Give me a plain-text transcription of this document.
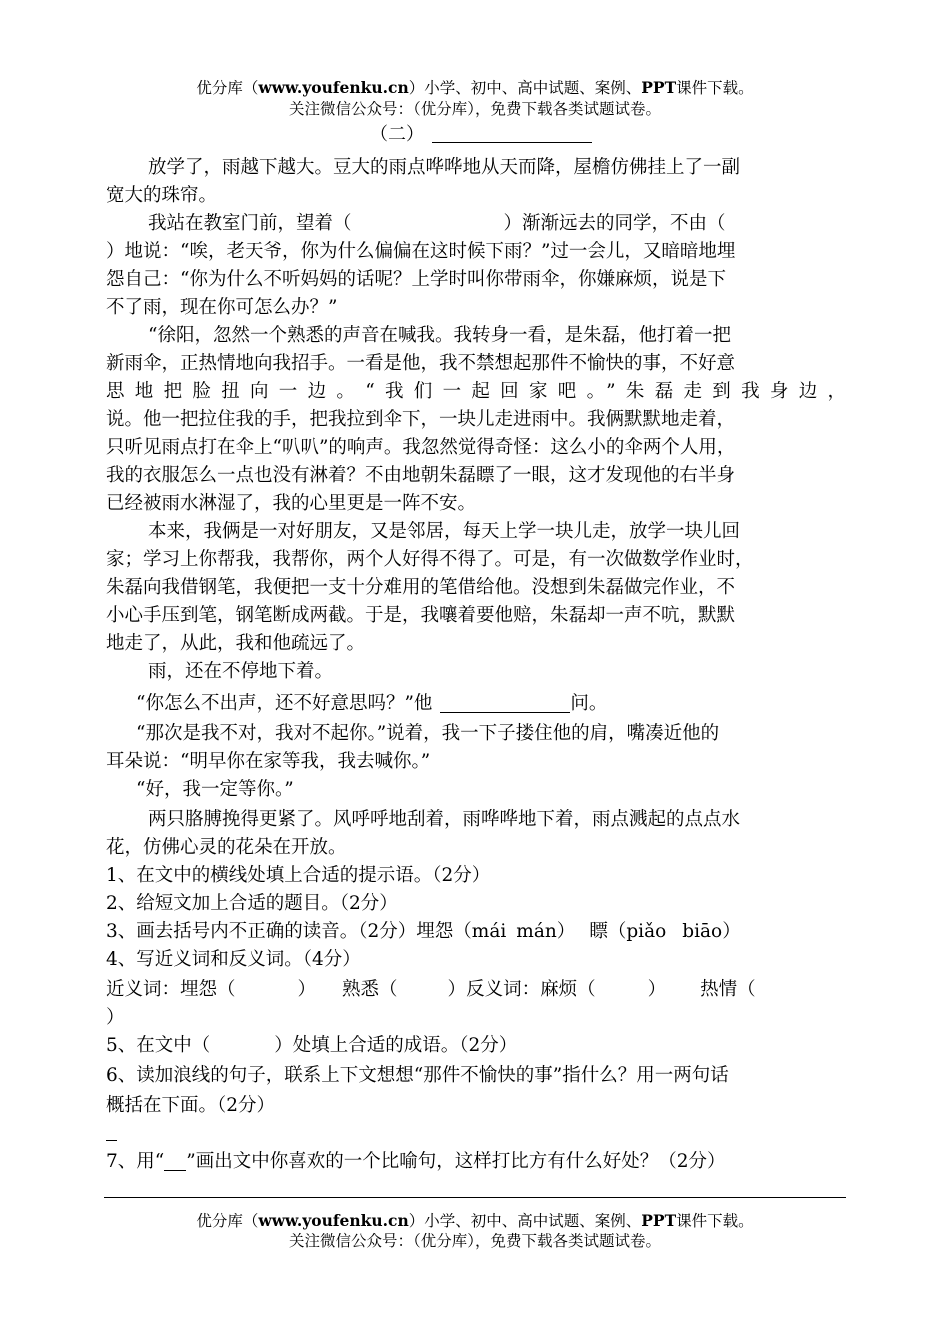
优分库（www.youfenku.cn）小学、初中、高中试题、案例、PPT课件下载。
关注微信公众号：（优分库），免费下载各类试题试卷。
（二）
放学了，雨越下越大。豆大的雨点哗哗地从天而降，屋檐仿佛挂上了一副
宽大的珠帘。
我站在教室门前，望着（	）渐渐远去的同学，不由（
）地说：“唉，老天爷，你为什么偏偏在这时候下雨？”过一会儿，又暗暗地埋
怨自己：“你为什么不听妈妈的话呢？上学时叫你带雨伞，你嫌麻烦，说是下
不了雨，现在你可怎么办？”
“徐阳，忽然一个熟悉的声音在喊我。我转身一看，是朱磊，他打着一把
新雨伞，正热情地向我招手。一看是他，我不禁想起那件不愉快的事，不好意
思地把脸扭向一边。“我们一起回家吧。”朱磊走到我身边，
说。他一把拉住我的手，把我拉到伞下，一块儿走进雨中。我俩默默地走着，
只听见雨点打在伞上“叭叭”的响声。我忽然觉得奇怪：这么小的伞两个人用，
我的衣服怎么一点也没有淋着？不由地朝朱磊瞟了一眼，这才发现他的右半身
已经被雨水淋湿了，我的心里更是一阵不安。
本来，我俩是一对好朋友，又是邻居，每天上学一块儿走，放学一块儿回
家；学习上你帮我，我帮你，两个人好得不得了。可是，有一次做数学作业时，
朱磊向我借钢笔，我便把一支十分难用的笔借给他。没想到朱磊做完作业，不
小心手压到笔，钢笔断成两截。于是，我嚷着要他赔，朱磊却一声不吭，默默
地走了，从此，我和他疏远了。
雨，还在不停地下着。
“你怎么不出声，还不好意思吗？”他	问。
“那次是我不对，我对不起你。”说着，我一下子搂住他的肩，嘴凑近他的
耳朵说：“明早你在家等我，我去喊你。”
“好，我一定等你。”
两只胳膊挽得更紧了。风呼呼地刮着，雨哗哗地下着，雨点溅起的点点水
花，仿佛心灵的花朵在开放。
1、在文中的横线处填上合适的提示语。（2分）
2、给短文加上合适的题目。（2分）
3、画去括号内不正确的读音。（2分）埋怨（mái mán） 瞟（piǎo biāo）
4、写近义词和反义词。（4分）
近义词：埋怨（	） 熟悉（	）反义词：麻烦（	） 热情（
）
5、在文中（	）处填上合适的成语。（2分）
6、读加浪线的句子，联系上下文想想“那件不愉快的事”指什么？用一两句话
概括在下面。（2分）
7、用“ ”画出文中你喜欢的一个比喻句，这样打比方有什么好处？（2分）
优分库（www.youfenku.cn）小学、初中、高中试题、案例、PPT课件下载。
关注微信公众号：（优分库），免费下载各类试题试卷。
